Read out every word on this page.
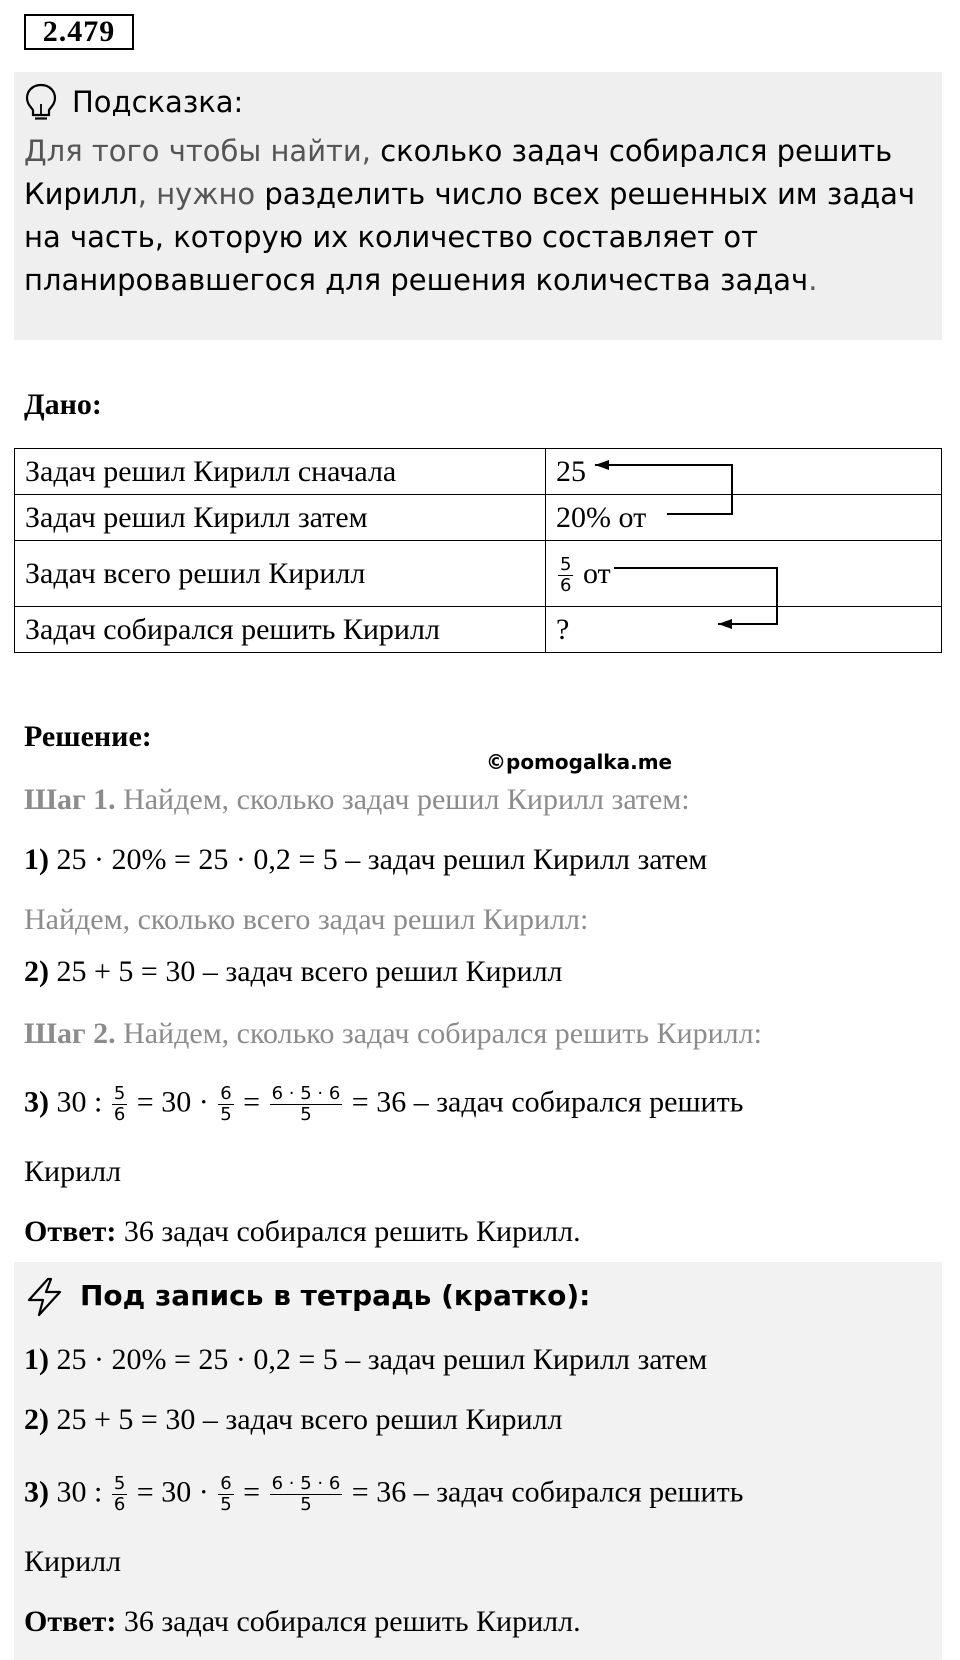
2.479
Подсказка:
Для того чтобы найти, сколько задач собирался решить Кирилл, нужно разделить число всех решенных им задач на часть, которую их количество составляет от планировавшегося для решения количества задач.
Дано:
Задач решил Кирилл сначала	25
Задач решил Кирилл затем	20% от
Задач всего решил Кирилл	$\frac{5}{6}$ от
Задач собирался решить Кирилл	?
Решение:
©pomogalka.me
Шаг 1. Найдем, сколько задач решил Кирилл затем:
1) 25 · 20% = 25 · 0,2 = 5 – задач решил Кирилл затем
Найдем, сколько всего задач решил Кирилл:
2) 25 + 5 = 30 – задач всего решил Кирилл
Шаг 2. Найдем, сколько задач собирался решить Кирилл:
3) 30 : $\frac{5}{6} = 30 \cdot \frac{6}{5} = \frac{6 \cdot 5 \cdot 6}{5} = 36$ – задач собирался решить
Кирилл
Ответ: 36 задач собирался решить Кирилл.
Под запись в тетрадь (кратко):
1) 25 · 20% = 25 · 0,2 = 5 – задач решил Кирилл затем
2) 25 + 5 = 30 – задач всего решил Кирилл
3) 30 : $\frac{5}{6} = 30 \cdot \frac{6}{5} = \frac{6 \cdot 5 \cdot 6}{5} = 36$ – задач собирался решить
Кирилл
Ответ: 36 задач собирался решить Кирилл.
